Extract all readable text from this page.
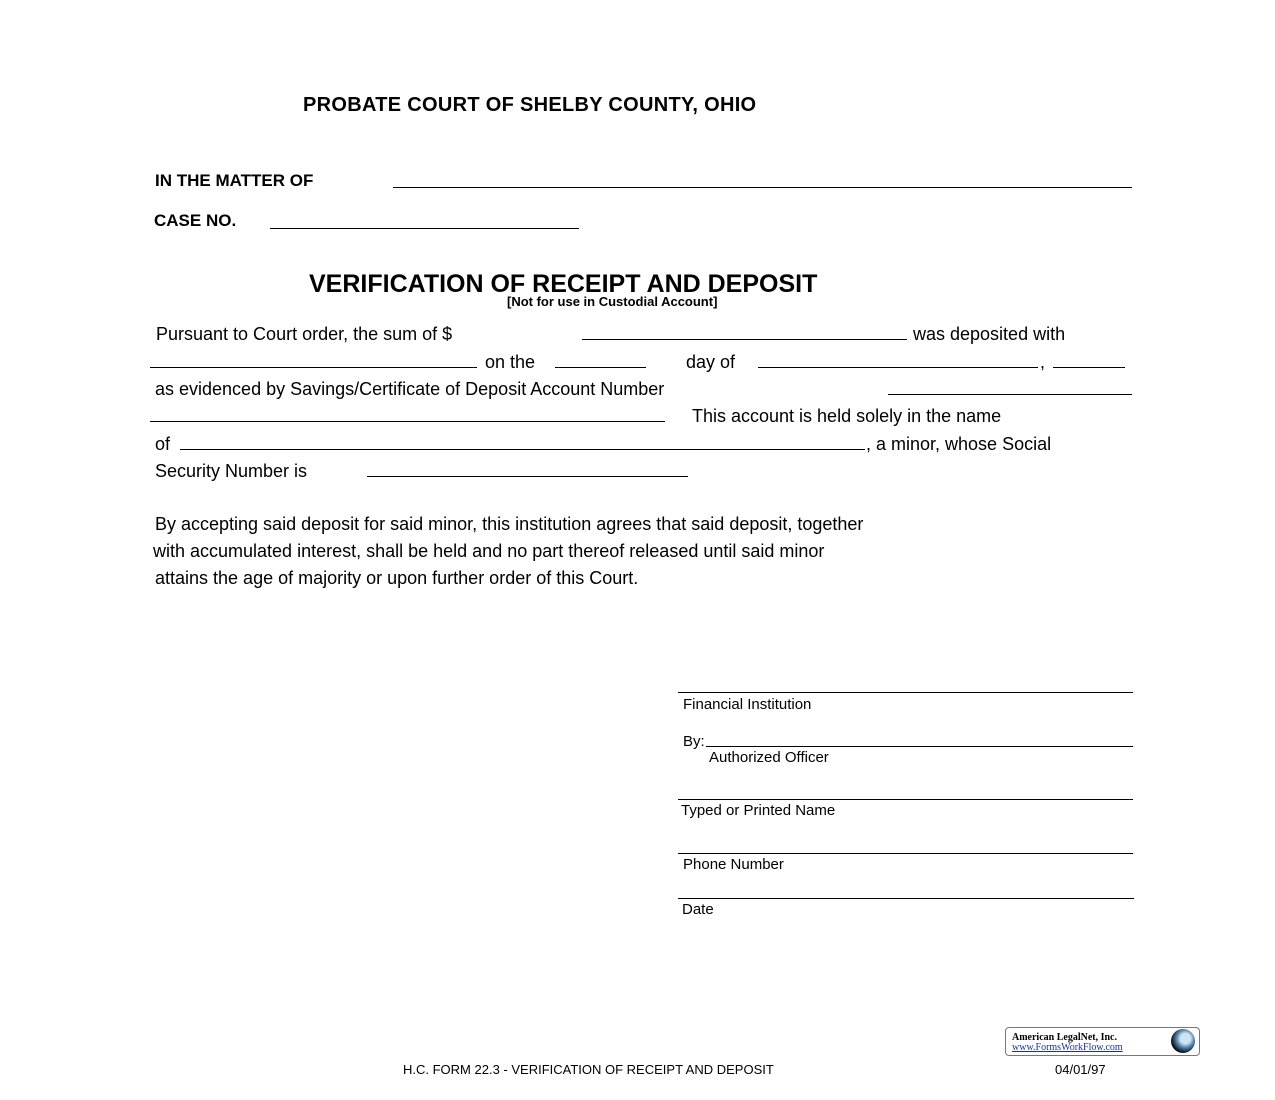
PROBATE COURT OF SHELBY COUNTY, OHIO
IN THE MATTER OF
CASE NO.
VERIFICATION OF RECEIPT AND DEPOSIT
[Not for use in Custodial Account]
Pursuant to Court order, the sum of $	was deposited with
on the	day of	,
as evidenced by Savings/Certificate of Deposit Account Number
This account is held solely in the name
of	, a minor, whose Social
Security Number is
By accepting said deposit for said minor, this institution agrees that said deposit, together
with accumulated interest, shall be held and no part thereof released until said minor
attains the age of majority or upon further order of this Court.
Financial Institution
By:
Authorized Officer
Typed or Printed Name
Phone Number
Date
American LegalNet, Inc.
www.FormsWorkFlow.com
H.C. FORM 22.3 - VERIFICATION OF RECEIPT AND DEPOSIT	04/01/97
